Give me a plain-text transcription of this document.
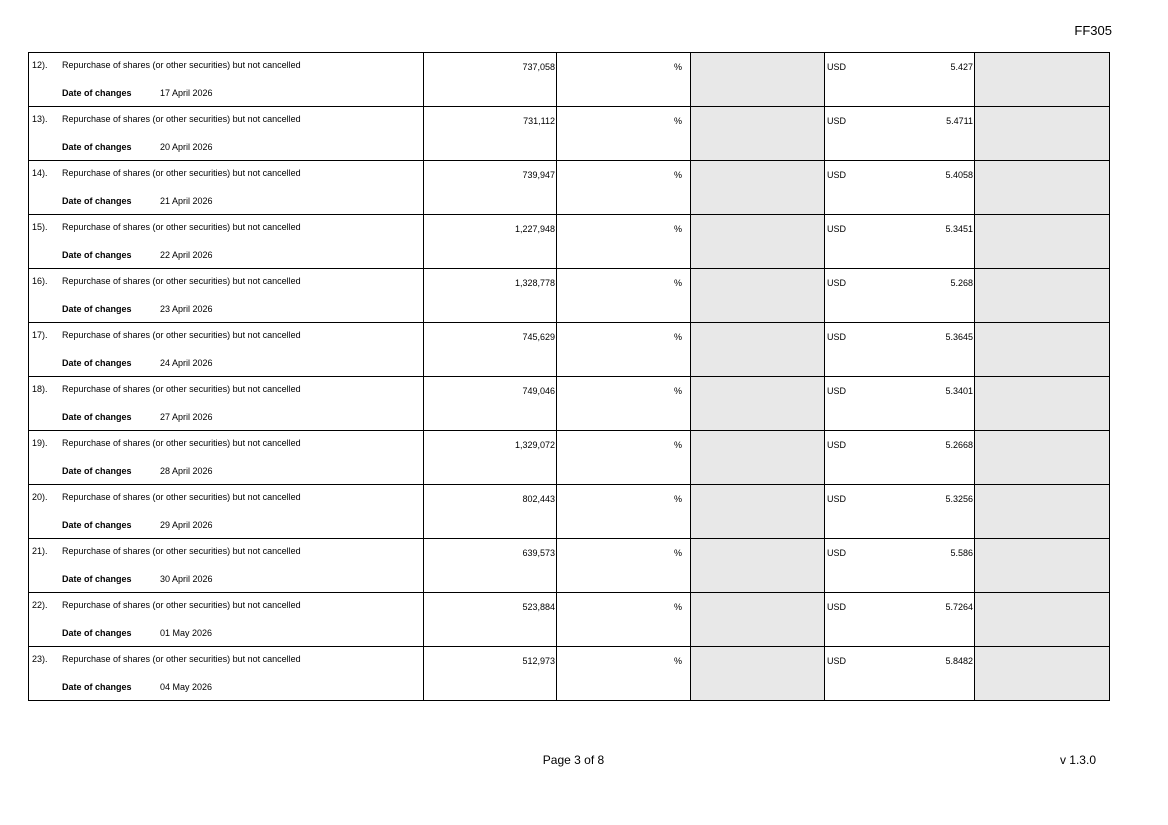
FF305
12). Repurchase of shares (or other securities) but not cancelled
Date of changes 17 April 2026	737,058	%		USD 5.427	

13). Repurchase of shares (or other securities) but not cancelled
Date of changes 20 April 2026	731,112	%		USD 5.4711	

14). Repurchase of shares (or other securities) but not cancelled
Date of changes 21 April 2026	739,947	%		USD 5.4058	

15). Repurchase of shares (or other securities) but not cancelled
Date of changes 22 April 2026	1,227,948	%		USD 5.3451	

16). Repurchase of shares (or other securities) but not cancelled
Date of changes 23 April 2026	1,328,778	%		USD 5.268	

17). Repurchase of shares (or other securities) but not cancelled
Date of changes 24 April 2026	745,629	%		USD 5.3645	

18). Repurchase of shares (or other securities) but not cancelled
Date of changes 27 April 2026	749,046	%		USD 5.3401	

19). Repurchase of shares (or other securities) but not cancelled
Date of changes 28 April 2026	1,329,072	%		USD 5.2668	

20). Repurchase of shares (or other securities) but not cancelled
Date of changes 29 April 2026	802,443	%		USD 5.3256	

21). Repurchase of shares (or other securities) but not cancelled
Date of changes 30 April 2026	639,573	%		USD 5.586	

22). Repurchase of shares (or other securities) but not cancelled
Date of changes 01 May 2026	523,884	%		USD 5.7264	

23). Repurchase of shares (or other securities) but not cancelled
Date of changes 04 May 2026	512,973	%		USD 5.8482	

Page 3 of 8	v 1.3.0
